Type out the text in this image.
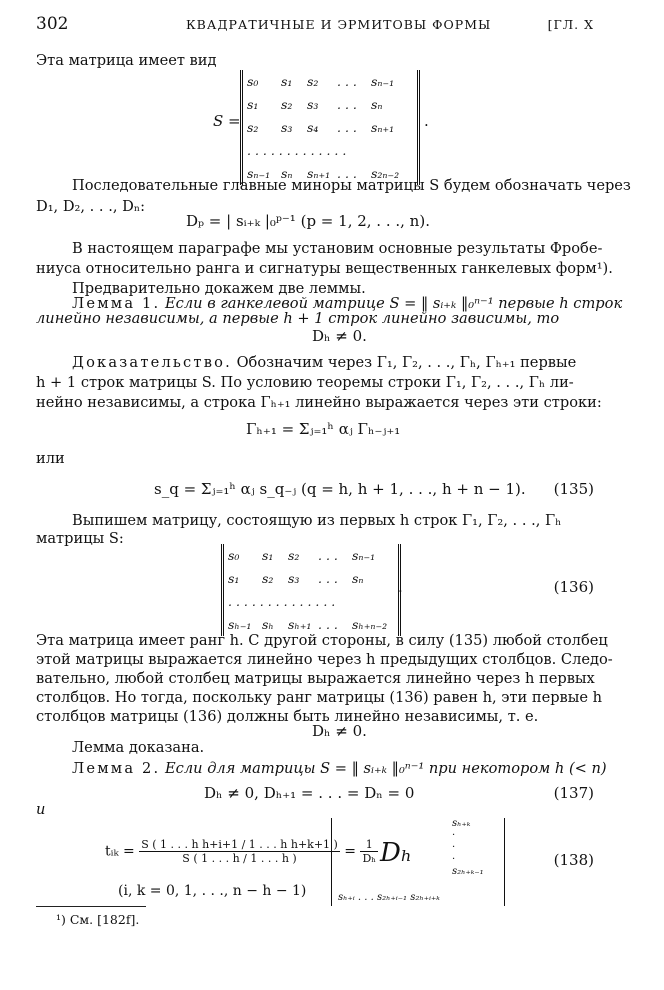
302	КВАДРАТИЧНЫЕ И ЭРМИТОВЫ ФОРМЫ	[ГЛ. X
Эта матрица имеет вид
S =
s₀ s₁ s₂ . . . sₙ₋₁
s₁ s₂ s₃ . . . sₙ
s₂ s₃ s₄ . . . sₙ₊₁
. . . . . . . . . . . . .
sₙ₋₁ sₙ sₙ₊₁ . . . s₂ₙ₋₂
.
Последовательные главные миноры матрицы S будем обозначать через
D₁, D₂, . . ., Dₙ:
Dₚ = | sᵢ₊ₖ |₀ᵖ⁻¹ (p = 1, 2, . . ., n).
В настоящем параграфе мы установим основные результаты Фробе-
ниуса относительно ранга и сигнатуры вещественных ганкелевых форм¹).
Предварительно докажем две леммы.
Лемма 1. Если в ганкелевой матрице S = ‖ sᵢ₊ₖ ‖₀ⁿ⁻¹ первые h строк
линейно независимы, а первые h + 1 строк линейно зависимы, то
Dₕ ≠ 0.
Доказательство. Обозначим через Γ₁, Γ₂, . . ., Γₕ, Γₕ₊₁ первые
h + 1 строк матрицы S. По условию теоремы строки Γ₁, Γ₂, . . ., Γₕ ли-
нейно независимы, а строка Γₕ₊₁ линейно выражается через эти строки:
Γₕ₊₁ = Σⱼ₌₁ʰ αⱼ Γₕ₋ⱼ₊₁
или
s_q = Σⱼ₌₁ʰ αⱼ s_q₋ⱼ (q = h, h + 1, . . ., h + n − 1). (135)
Выпишем матрицу, состоящую из первых h строк Γ₁, Γ₂, . . ., Γₕ
матрицы S:
s₀ s₁ s₂ . . . sₙ₋₁
s₁ s₂ s₃ . . . sₙ
. . . . . . . . . . . . . .
sₕ₋₁ sₕ sₕ₊₁ . . . sₕ₊ₙ₋₂
.	(136)
Эта матрица имеет ранг h. С другой стороны, в силу (135) любой столбец
этой матрицы выражается линейно через h предыдущих столбцов. Следо-
вательно, любой столбец матрицы выражается линейно через h первых
столбцов. Но тогда, поскольку ранг матрицы (136) равен h, эти первые h
столбцов матрицы (136) должны быть линейно независимы, т. е.
Dₕ ≠ 0.
Лемма доказана.
Лемма 2. Если для матрицы S = ‖ sᵢ₊ₖ ‖₀ⁿ⁻¹ при некотором h (< n)
Dₕ ≠ 0, Dₕ₊₁ = . . . = Dₙ = 0	(137)
и
tᵢₖ = $\frac{\text{S ( 1 . . . h h+i+1 / 1 . . . h h+k+1 )}}{S ( 1 . . . h / 1 . . . h )} = \frac{1}{\text{Dₕ}}$
(i, k = 0, 1, . . ., n − h − 1)
Dₕ
sₕ₊ₖ
·
·
·
s₂ₕ₊ₖ₋₁
sₕ₊ᵢ . . . s₂ₕ₊ᵢ₋₁ s₂ₕ₊ᵢ₊ₖ
(138)
¹) См. [182f].
